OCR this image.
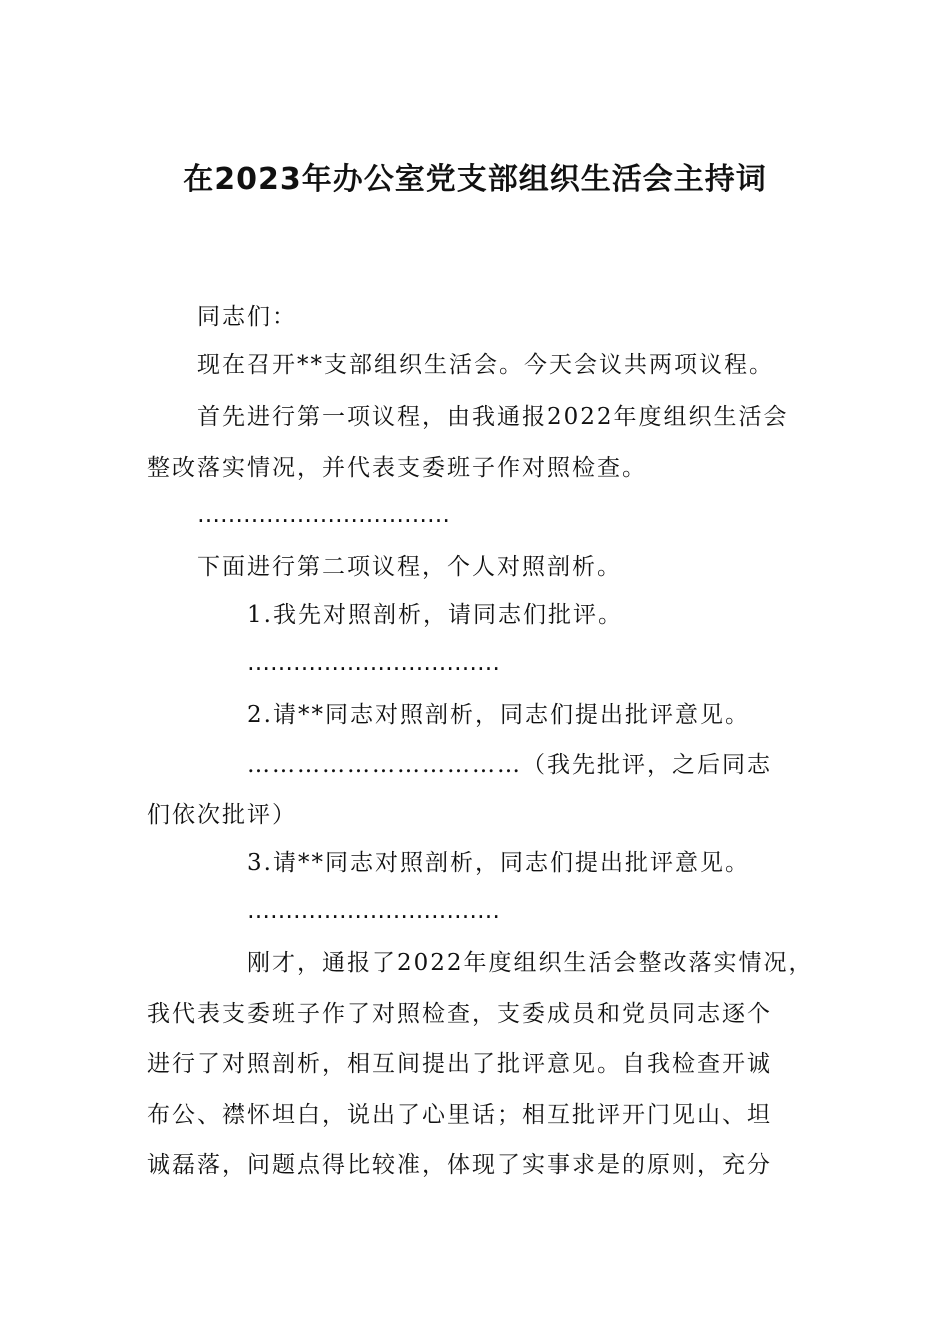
在2023年办公室党支部组织生活会主持词

同志们：

现在召开**支部组织生活会。今天会议共两项议程。

首先进行第一项议程，由我通报2022年度组织生活会

整改落实情况，并代表支委班子作对照检查。

……………………………

下面进行第二项议程，个人对照剖析。

1.我先对照剖析，请同志们批评。

……………………………

2.请**同志对照剖析，同志们提出批评意见。

……………………………（我先批评，之后同志

们依次批评）

3.请**同志对照剖析，同志们提出批评意见。

……………………………

刚才，通报了2022年度组织生活会整改落实情况，

我代表支委班子作了对照检查，支委成员和党员同志逐个

进行了对照剖析，相互间提出了批评意见。自我检查开诚

布公、襟怀坦白，说出了心里话；相互批评开门见山、坦

诚磊落，问题点得比较准，体现了实事求是的原则，充分
